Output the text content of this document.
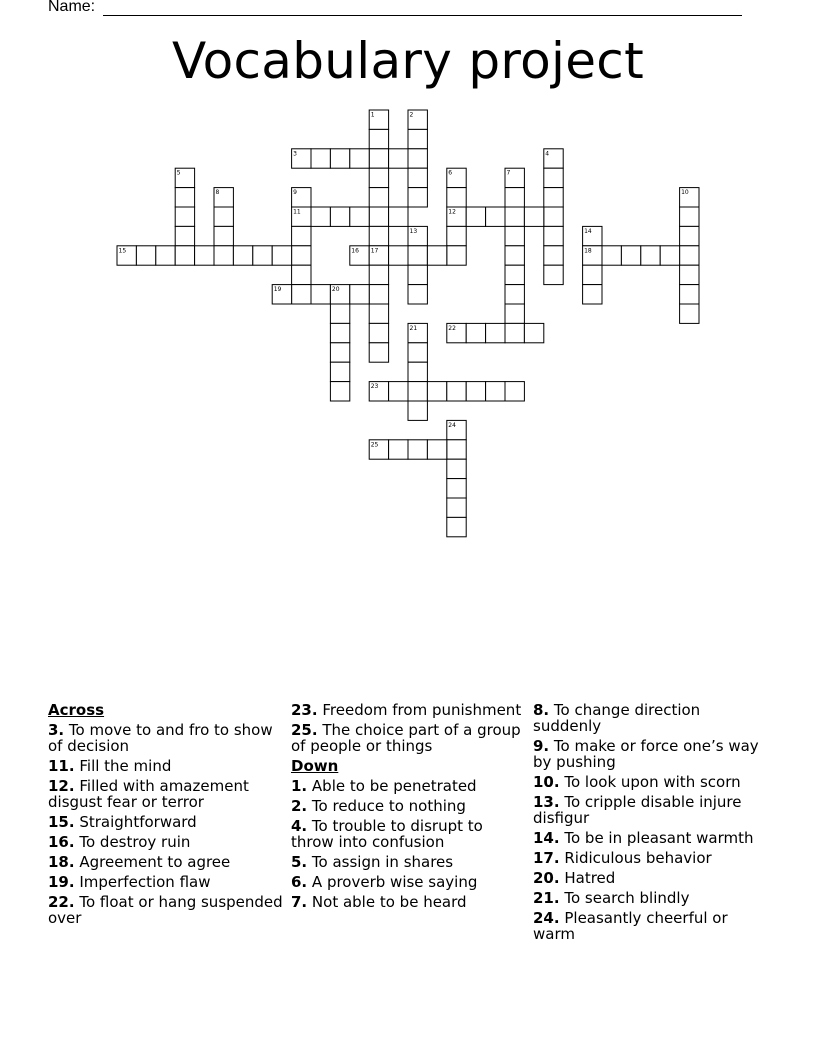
Name:
Vocabulary project
1	2
3	4
5	6	7
8	9	10
11	12
13	14
15	16 17	18
19	20
21	22
23
24
25
Across
3. To move to and fro to show of decision
11. Fill the mind
12. Filled with amazement disgust fear or terror
15. Straightforward
16. To destroy ruin
18. Agreement to agree
19. Imperfection flaw
22. To float or hang suspended over
23. Freedom from punishment
25. The choice part of a group of people or things
Down
1. Able to be penetrated
2. To reduce to nothing
4. To trouble to disrupt to throw into confusion
5. To assign in shares
6. A proverb wise saying
7. Not able to be heard
8. To change direction suddenly
9. To make or force one’s way by pushing
10. To look upon with scorn
13. To cripple disable injure disfigur
14. To be in pleasant warmth
17. Ridiculous behavior
20. Hatred
21. To search blindly
24. Pleasantly cheerful or warm
